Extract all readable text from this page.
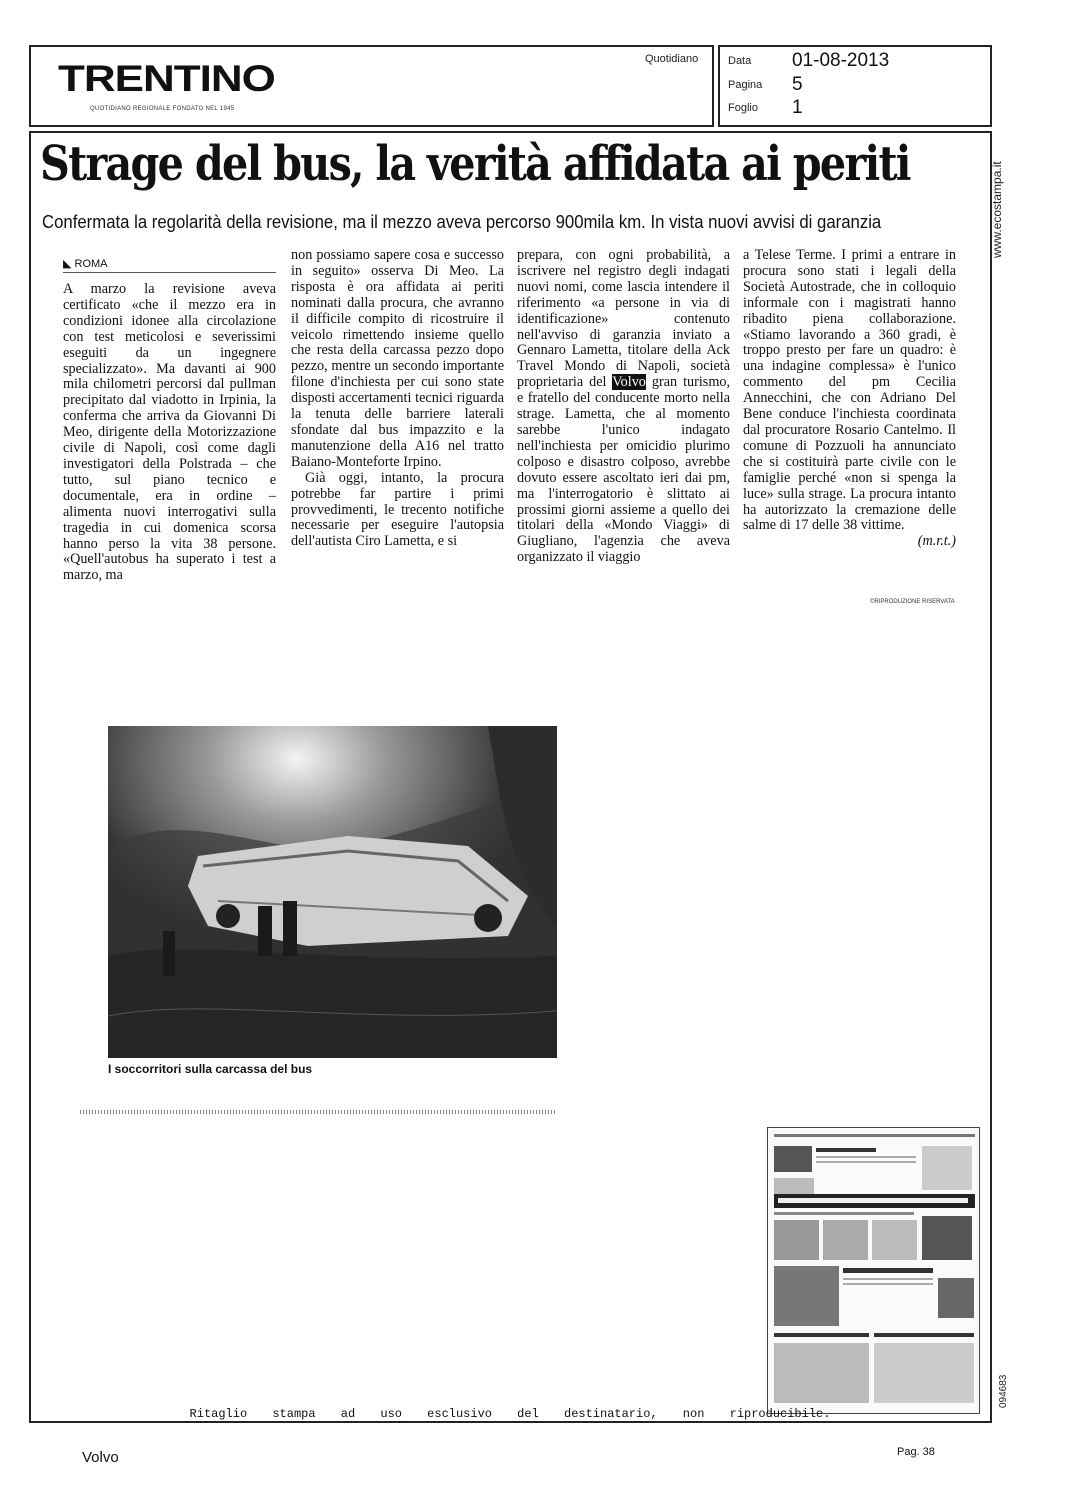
TRENTINO
QUOTIDIANO REGIONALE FONDATO NEL 1945
Quotidiano	Data 01-08-2013
Pagina 5
Foglio 1
www.ecostampa.it
094683
Strage del bus, la verità affidata ai periti
Confermata la regolarità della revisione, ma il mezzo aveva percorso 900mila km. In vista nuovi avvisi di garanzia
◣ ROMA

A marzo la revisione aveva certificato «che il mezzo era in condizioni idonee alla circolazione con test meticolosi e severissimi eseguiti da un ingegnere specializzato». Ma davanti ai 900 mila chilometri percorsi dal pullman precipitato dal viadotto in Irpinia, la conferma che arriva da Giovanni Di Meo, dirigente della Motorizzazione civile di Napoli, così come dagli investigatori della Polstrada – che tutto, sul piano tecnico e documentale, era in ordine – alimenta nuovi interrogativi sulla tragedia in cui domenica scorsa hanno perso la vita 38 persone. «Quell'autobus ha superato i test a marzo, ma

non possiamo sapere cosa e successo in seguito» osserva Di Meo. La risposta è ora affidata ai periti nominati dalla procura, che avranno il difficile compito di ricostruire il veicolo rimettendo insieme quello che resta della carcassa pezzo dopo pezzo, mentre un secondo importante filone d'inchiesta per cui sono state disposti accertamenti tecnici riguarda la tenuta delle barriere laterali sfondate dal bus impazzito e la manutenzione della A16 nel tratto Baiano-Monteforte Irpino.

Già oggi, intanto, la procura potrebbe far partire i primi provvedimenti, le trecento notifiche necessarie per eseguire l'autopsia dell'autista Ciro Lametta, e si

prepara, con ogni probabilità, a iscrivere nel registro degli indagati nuovi nomi, come lascia intendere il riferimento «a persone in via di identificazione» contenuto nell'avviso di garanzia inviato a Gennaro Lametta, titolare della Ack Travel Mondo di Napoli, società proprietaria del Volvo gran turismo, e fratello del conducente morto nella strage. Lametta, che al momento sarebbe l'unico indagato nell'inchiesta per omicidio plurimo colposo e disastro colposo, avrebbe dovuto essere ascoltato ieri dai pm, ma l'interrogatorio è slittato ai prossimi giorni assieme a quello dei titolari della «Mondo Viaggi» di Giugliano, l'agenzia che aveva organizzato il viaggio

a Telese Terme. I primi a entrare in procura sono stati i legali della Società Autostrade, che in colloquio informale con i magistrati hanno ribadito piena collaborazione. «Stiamo lavorando a 360 gradi, è troppo presto per fare un quadro: è una indagine complessa» è l'unico commento del pm Cecilia Annecchini, che con Adriano Del Bene conduce l'inchiesta coordinata dal procuratore Rosario Cantelmo. Il comune di Pozzuoli ha annunciato che si costituirà parte civile con le famiglie perché «non si spenga la luce» sulla strage. La procura intanto ha autorizzato la cremazione delle salme di 17 delle 38 vittime.

(m.r.t.)

©RIPRODUZIONE RISERVATA
I soccorritori sulla carcassa del bus
Ritaglio stampa ad uso esclusivo del destinatario, non riproducibile.
Volvo	Pag. 38
